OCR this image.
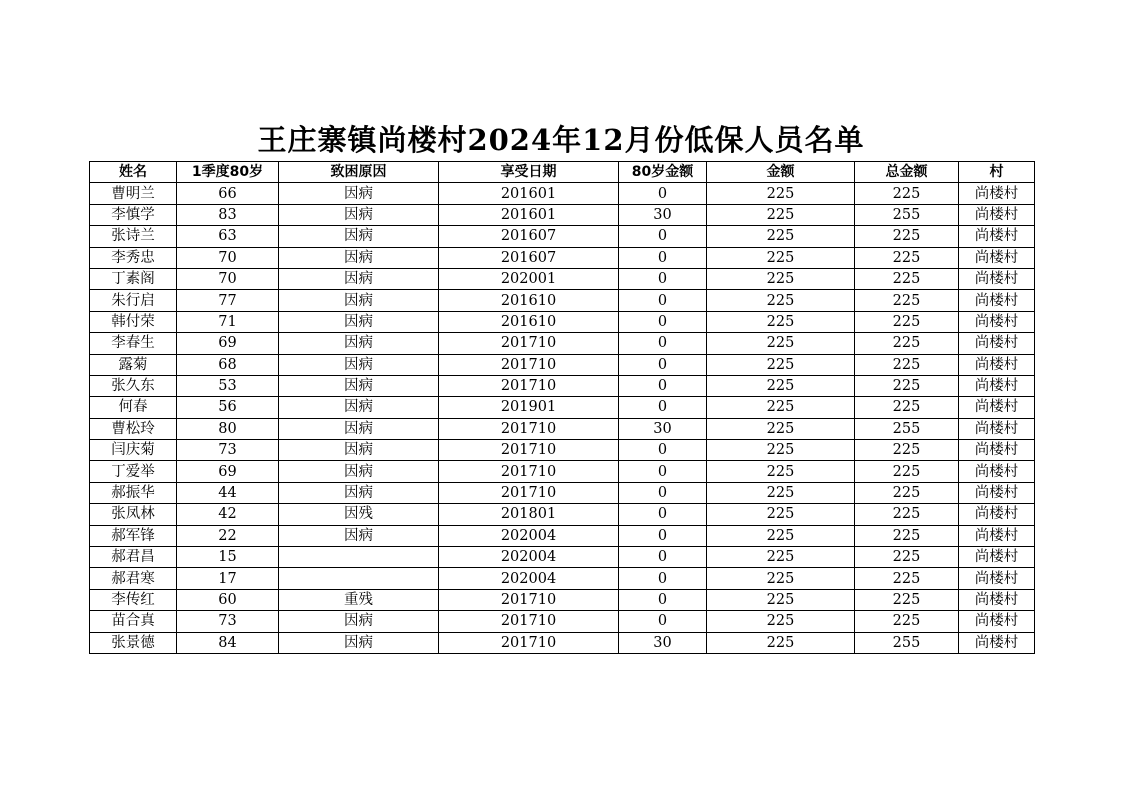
王庄寨镇尚楼村2024年12月份低保人员名单
姓名	1季度80岁	致困原因	享受日期	80岁金额	金额	总金额	村
曹明兰	66	因病	201601	0	225	225	尚楼村
李慎学	83	因病	201601	30	225	255	尚楼村
张诗兰	63	因病	201607	0	225	225	尚楼村
李秀忠	70	因病	201607	0	225	225	尚楼村
丁素阁	70	因病	202001	0	225	225	尚楼村
朱行启	77	因病	201610	0	225	225	尚楼村
韩付荣	71	因病	201610	0	225	225	尚楼村
李春生	69	因病	201710	0	225	225	尚楼村
露菊	68	因病	201710	0	225	225	尚楼村
张久东	53	因病	201710	0	225	225	尚楼村
何春	56	因病	201901	0	225	225	尚楼村
曹松玲	80	因病	201710	30	225	255	尚楼村
闫庆菊	73	因病	201710	0	225	225	尚楼村
丁爱举	69	因病	201710	0	225	225	尚楼村
郝振华	44	因病	201710	0	225	225	尚楼村
张凤林	42	因残	201801	0	225	225	尚楼村
郝军锋	22	因病	202004	0	225	225	尚楼村
郝君昌	15		202004	0	225	225	尚楼村
郝君寒	17		202004	0	225	225	尚楼村
李传红	60	重残	201710	0	225	225	尚楼村
苗合真	73	因病	201710	0	225	225	尚楼村
张景德	84	因病	201710	30	225	255	尚楼村
